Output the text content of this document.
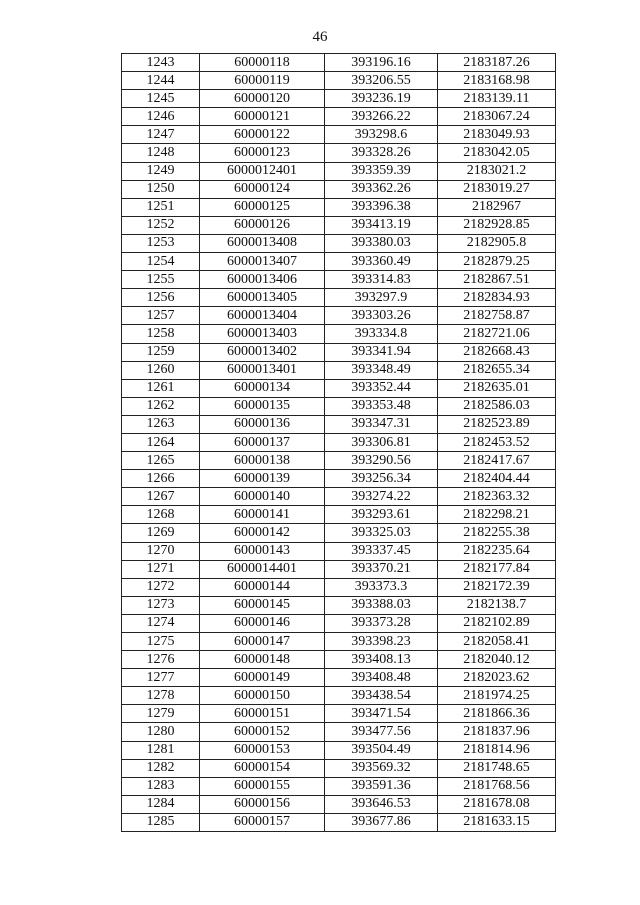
46
1243	60000118	393196.16	2183187.26
1244	60000119	393206.55	2183168.98
1245	60000120	393236.19	2183139.11
1246	60000121	393266.22	2183067.24
1247	60000122	393298.6	2183049.93
1248	60000123	393328.26	2183042.05
1249	6000012401	393359.39	2183021.2
1250	60000124	393362.26	2183019.27
1251	60000125	393396.38	2182967
1252	60000126	393413.19	2182928.85
1253	6000013408	393380.03	2182905.8
1254	6000013407	393360.49	2182879.25
1255	6000013406	393314.83	2182867.51
1256	6000013405	393297.9	2182834.93
1257	6000013404	393303.26	2182758.87
1258	6000013403	393334.8	2182721.06
1259	6000013402	393341.94	2182668.43
1260	6000013401	393348.49	2182655.34
1261	60000134	393352.44	2182635.01
1262	60000135	393353.48	2182586.03
1263	60000136	393347.31	2182523.89
1264	60000137	393306.81	2182453.52
1265	60000138	393290.56	2182417.67
1266	60000139	393256.34	2182404.44
1267	60000140	393274.22	2182363.32
1268	60000141	393293.61	2182298.21
1269	60000142	393325.03	2182255.38
1270	60000143	393337.45	2182235.64
1271	6000014401	393370.21	2182177.84
1272	60000144	393373.3	2182172.39
1273	60000145	393388.03	2182138.7
1274	60000146	393373.28	2182102.89
1275	60000147	393398.23	2182058.41
1276	60000148	393408.13	2182040.12
1277	60000149	393408.48	2182023.62
1278	60000150	393438.54	2181974.25
1279	60000151	393471.54	2181866.36
1280	60000152	393477.56	2181837.96
1281	60000153	393504.49	2181814.96
1282	60000154	393569.32	2181748.65
1283	60000155	393591.36	2181768.56
1284	60000156	393646.53	2181678.08
1285	60000157	393677.86	2181633.15
